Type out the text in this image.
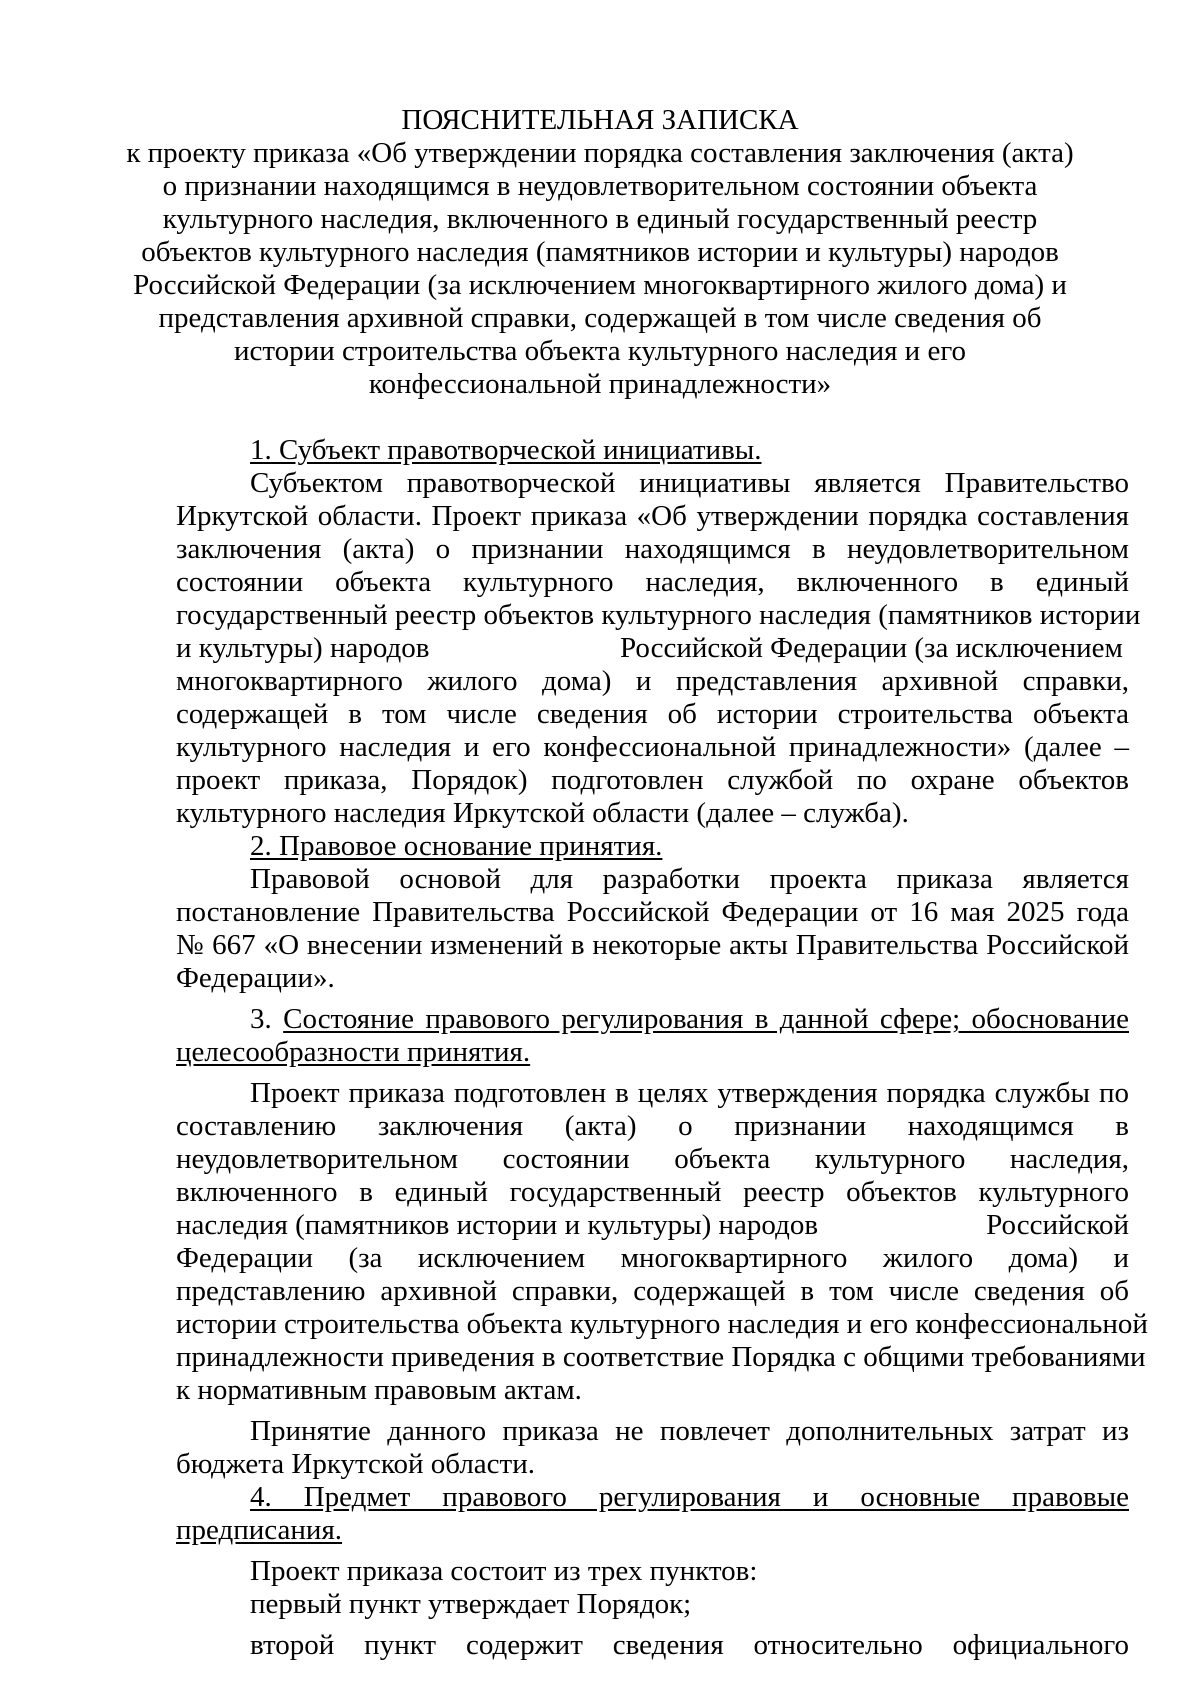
ПОЯСНИТЕЛЬНАЯ ЗАПИСКА
к проекту приказа «Об утверждении порядка составления заключения (акта)
о признании находящимся в неудовлетворительном состоянии объекта
культурного наследия, включенного в единый государственный реестр
объектов культурного наследия (памятников истории и культуры) народов
Российской Федерации (за исключением многоквартирного жилого дома) и
представления архивной справки, содержащей в том числе сведения об
истории строительства объекта культурного наследия и его
конфессиональной принадлежности»
1. Субъект правотворческой инициативы.
Субъектом правотворческой инициативы является Правительство
Иркутской области. Проект приказа «Об утверждении порядка составления
заключения (акта) о признании находящимся в неудовлетворительном
состоянии объекта культурного наследия, включенного в единый
государственный реестр объектов культурного наследия (памятников истории
и культуры) народов	Российской Федерации (за исключением
многоквартирного жилого дома) и представления архивной справки,
содержащей в том числе сведения об истории строительства объекта
культурного наследия и его конфессиональной принадлежности» (далее –
проект приказа, Порядок) подготовлен службой по охране объектов
культурного наследия Иркутской области (далее – служба).
2. Правовое основание принятия.
Правовой основой для разработки проекта приказа является
постановление Правительства Российской Федерации от 16 мая 2025 года
№ 667 «О внесении изменений в некоторые акты Правительства Российской
Федерации».
3. Состояние правового регулирования в данной сфере; обоснование
целесообразности принятия.
Проект приказа подготовлен в целях утверждения порядка службы по
составлению заключения (акта) о признании находящимся в
неудовлетворительном состоянии объекта культурного наследия,
включенного в единый государственный реестр объектов культурного
наследия (памятников истории и культуры) народов	Российской
Федерации (за исключением многоквартирного жилого дома) и
представлению архивной справки, содержащей в том числе сведения об
истории строительства объекта культурного наследия и его конфессиональной
принадлежности приведения в соответствие Порядка с общими требованиями
к нормативным правовым актам.
Принятие данного приказа не повлечет дополнительных затрат из
бюджета Иркутской области.
4. Предмет правового регулирования и основные правовые
предписания.
Проект приказа состоит из трех пунктов:
первый пункт утверждает Порядок;
второй пункт содержит сведения относительно официального
